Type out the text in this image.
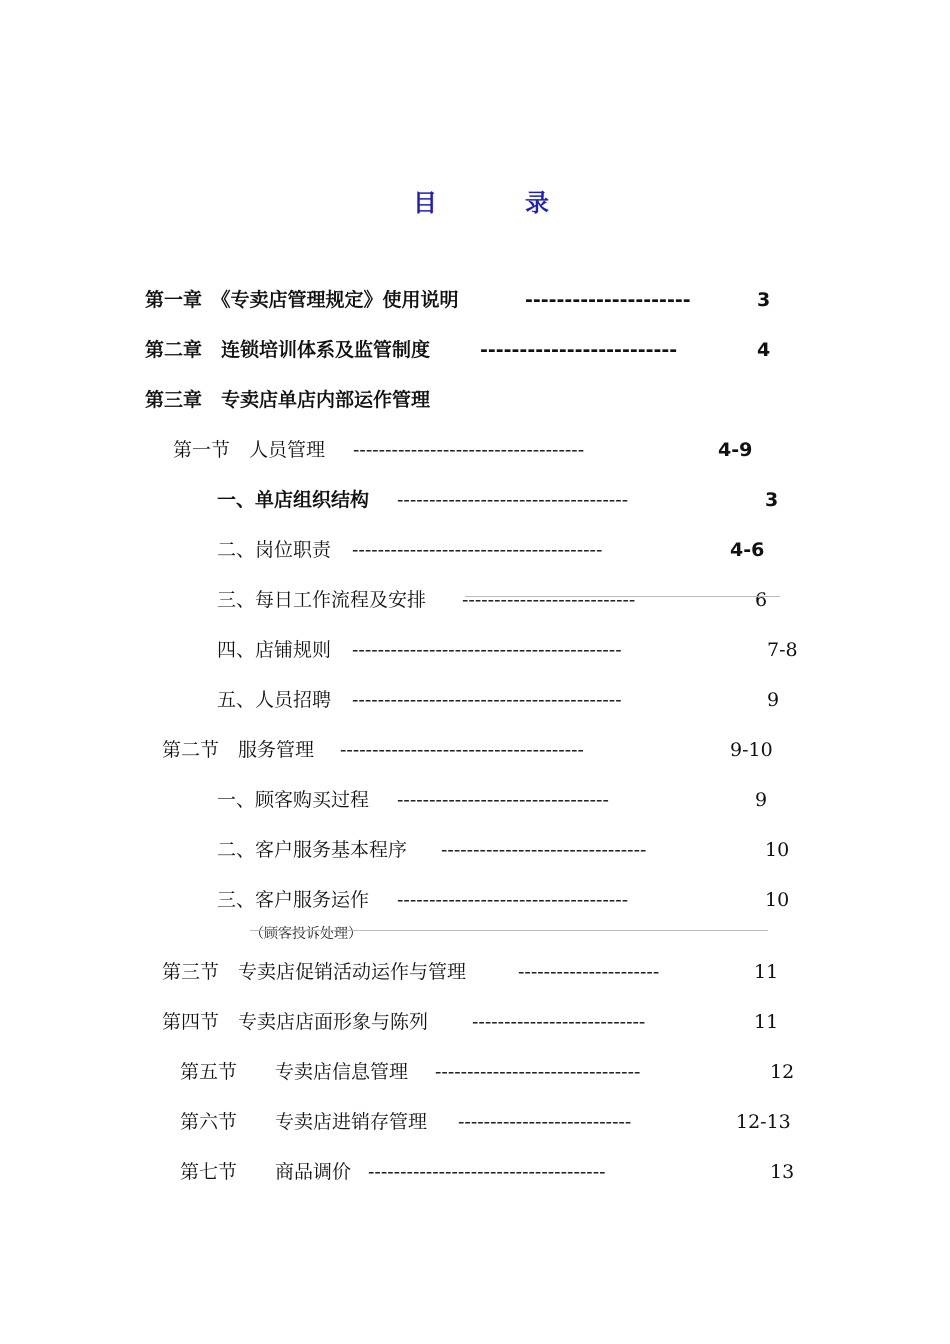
目	录
第一章　《专卖店管理规定》使用说明	---------------------	3
第二章　连锁培训体系及监管制度	-------------------------	4
第三章　专卖店单店内部运作管理
第一节　人员管理 ------------------------------------	4-9
一、单店组织结构 ------------------------------------	3
二、岗位职责 ---------------------------------------	4-6
三、每日工作流程及安排 ---------------------------	6
四、店铺规则 ------------------------------------------	7-8
五、人员招聘 ------------------------------------------	9
第二节　服务管理 --------------------------------------	9-10
一、顾客购买过程 ---------------------------------	9
二、客户服务基本程序 --------------------------------	10
三、客户服务运作 ------------------------------------	10
（顾客投诉处理）
第三节　专卖店促销活动运作与管理	----------------------	11
第四节　专卖店店面形象与陈列 ---------------------------	11
第五节　　专卖店信息管理 --------------------------------	12
第六节　　专卖店进销存管理 ---------------------------	12-13
第七节　　商品调价 -------------------------------------	13
